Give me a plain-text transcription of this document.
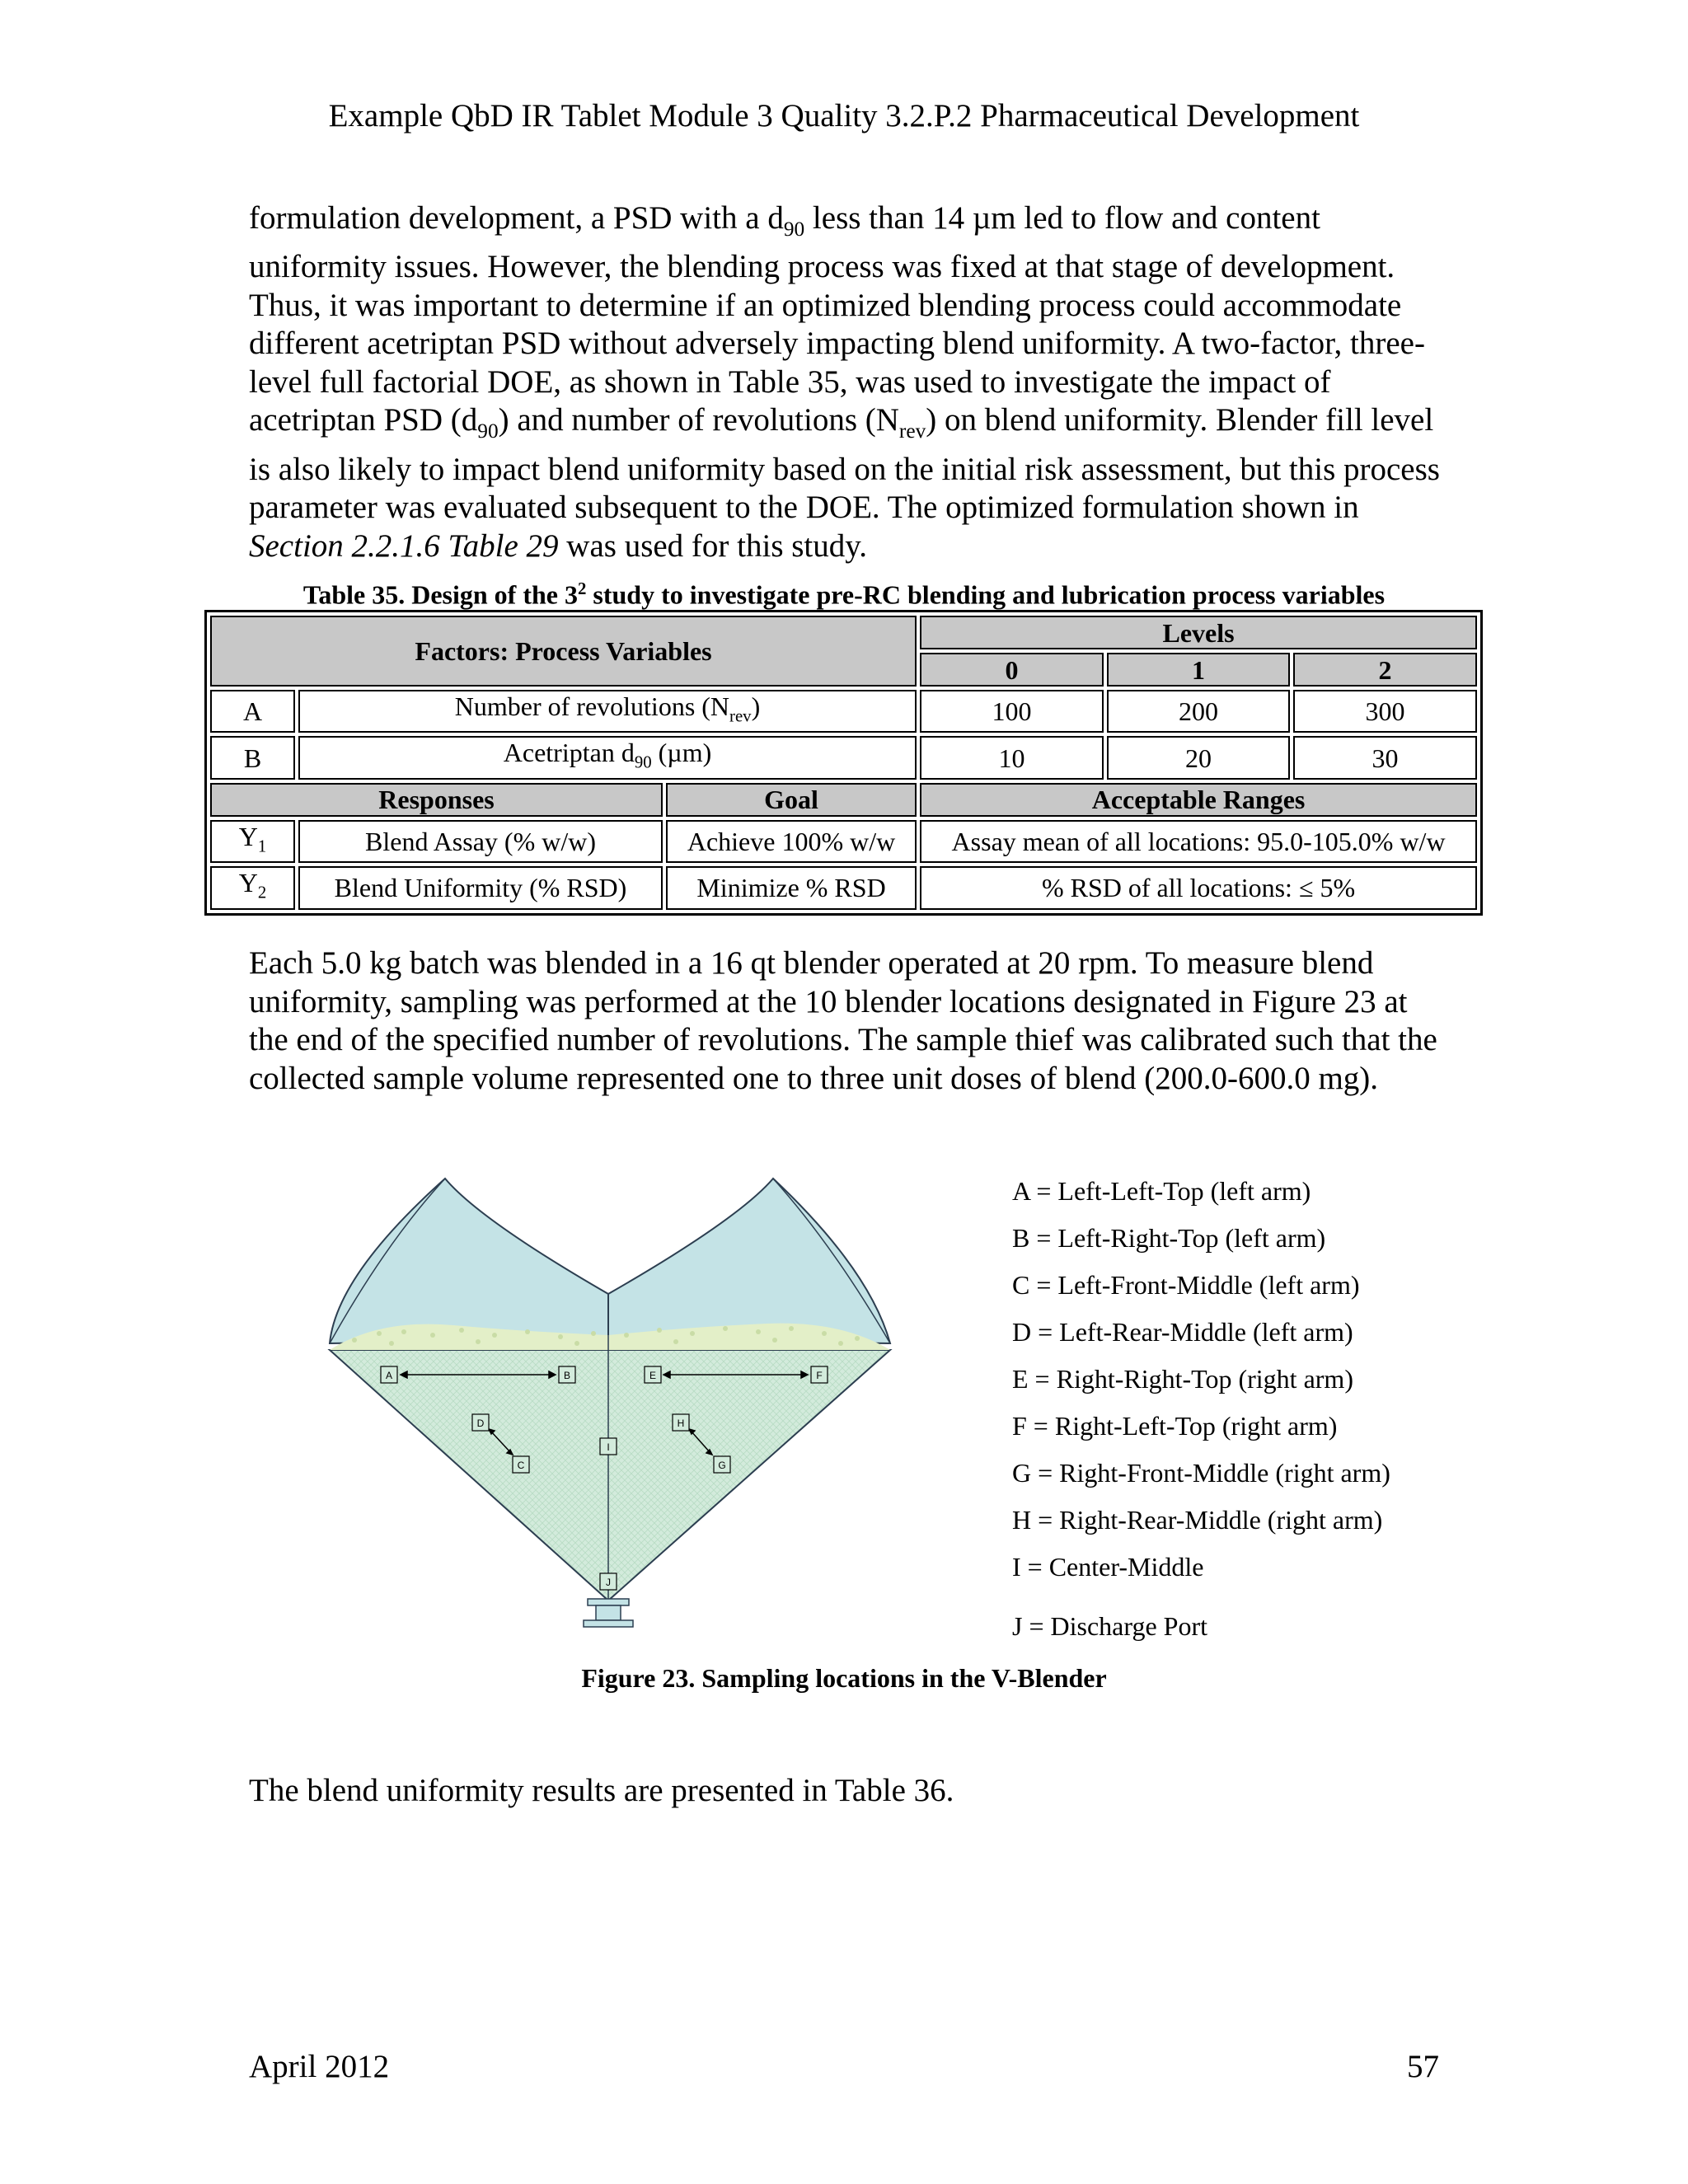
Example QbD IR Tablet Module 3 Quality 3.2.P.2 Pharmaceutical Development

formulation development, a PSD with a $d_{90}$ less than 14 µm led to flow and content uniformity issues. However, the blending process was fixed at that stage of development. Thus, it was important to determine if an optimized blending process could accommodate different acetriptan PSD without adversely impacting blend uniformity. A two-factor, three-level full factorial DOE, as shown in Table 35, was used to investigate the impact of acetriptan PSD $(d_{90})$ and number of revolutions $(N_{rev})$ on blend uniformity. Blender fill level is also likely to impact blend uniformity based on the initial risk assessment, but this process parameter was evaluated subsequent to the DOE. The optimized formulation shown in Section 2.2.1.6 Table 29 was used for this study.

Table 35. Design of the $3^2$ study to investigate pre-RC blending and lubrication process variables
Factors: Process Variables			Levels		
			0	1	2
A	Number of revolutions $(N_{rev})$		100	200	300
B	Acetriptan $d_{90}$ (µm)		10	20	30
Responses		Goal	Acceptable Ranges		
$Y_1$	Blend Assay (% w/w)	Achieve 100% w/w	Assay mean of all locations: 95.0-105.0% w/w		
$Y_2$	Blend Uniformity (% RSD)	Minimize % RSD	% RSD of all locations: ≤ 5%		

Each 5.0 kg batch was blended in a 16 qt blender operated at 20 rpm. To measure blend uniformity, sampling was performed at the 10 blender locations designated in Figure 23 at the end of the specified number of revolutions. The sample thief was calibrated such that the collected sample volume represented one to three unit doses of blend (200.0-600.0 mg).

A	B
C
D
E	F
G
H
I
J
A = Left-Left-Top (left arm)
B = Left-Right-Top (left arm)
C = Left-Front-Middle (left arm)
D = Left-Rear-Middle (left arm)
E = Right-Right-Top (right arm)
F = Right-Left-Top (right arm)
G = Right-Front-Middle (right arm)
H = Right-Rear-Middle (right arm)
I = Center-Middle
J = Discharge Port
Figure 23. Sampling locations in the V-Blender

The blend uniformity results are presented in Table 36.

April 2012	57
